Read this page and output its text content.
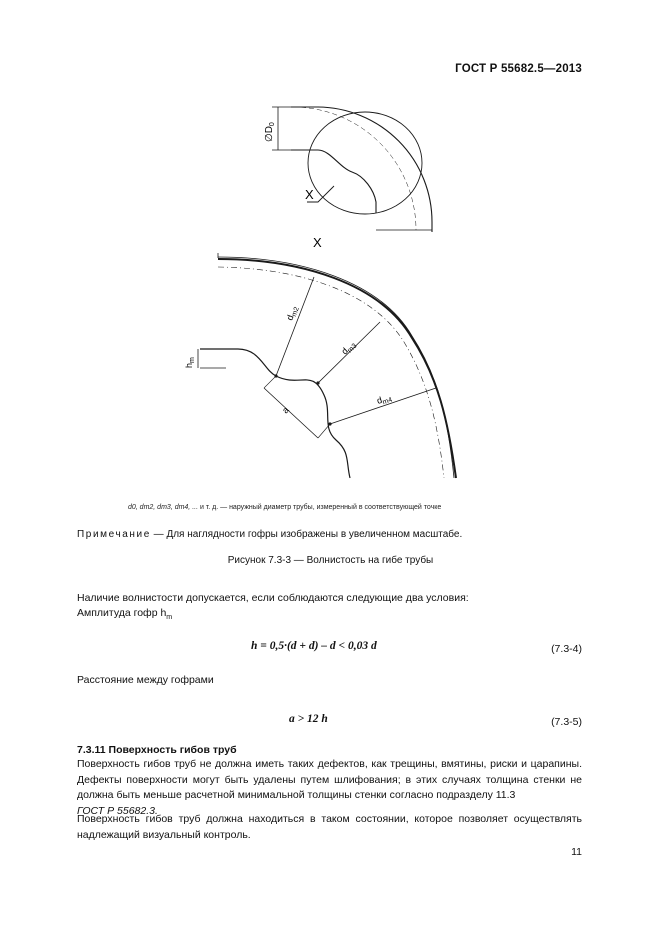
ГОСТ Р 55682.5—2013
$\emptyset D_0$
X
X
$d_{m2}$
$d_{m3}$
$d_{m4}$
$h_m$
a
d0, dm2, dm3, dm4, ... и т. д. — наружный диаметр трубы, измеренный в соответствующей точке
Примечание — Для наглядности гофры изображены в увеличенном масштабе.
Рисунок 7.3-3 — Волнистость на гибе трубы
Наличие волнистости допускается, если соблюдаются следующие два условия:
Амплитуда гофр $h_m$
h = 0,5·(d + d) – d < 0,03 d	(7.3-4)
Расстояние между гофрами
a > 12 h	(7.3-5)
7.3.11 Поверхность гибов труб
Поверхность гибов труб не должна иметь таких дефектов, как трещины, вмятины, риски и царапины. Дефекты поверхности могут быть удалены путем шлифования; в этих случаях толщина стенки не должна быть меньше расчетной минимальной толщины стенки согласно подразделу 11.3
ГОСТ Р 55682.3.
Поверхность гибов труб должна находиться в таком состоянии, которое позволяет осуществлять надлежащий визуальный контроль.
11
